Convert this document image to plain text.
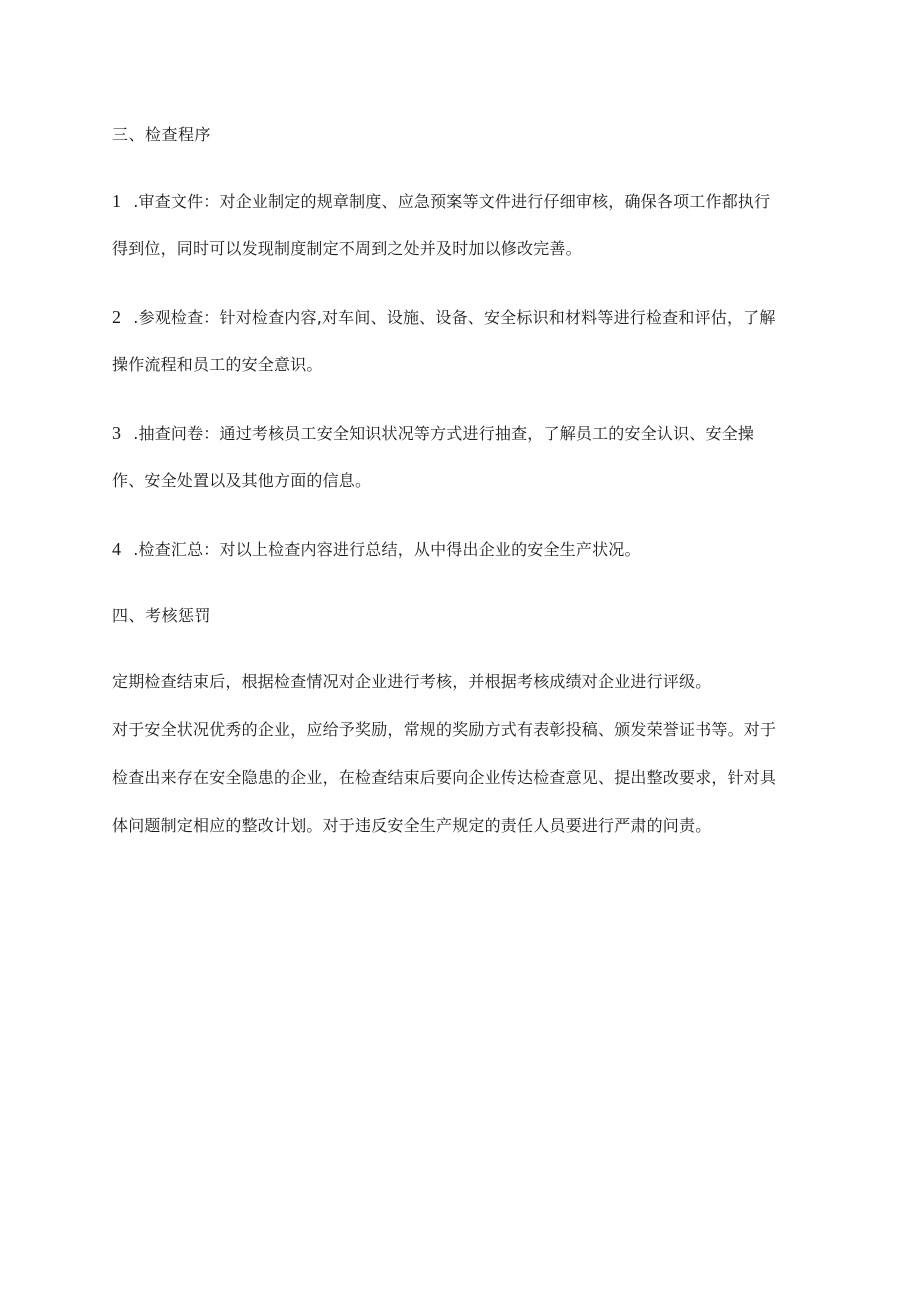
三、检查程序
1 .审查文件：对企业制定的规章制度、应急预案等文件进行仔细审核，确保各项工作都执行
得到位，同时可以发现制度制定不周到之处并及时加以修改完善。
2 .参观检查：针对检查内容,对车间、设施、设备、安全标识和材料等进行检查和评估，了解
操作流程和员工的安全意识。
3 .抽查问卷：通过考核员工安全知识状况等方式进行抽查，了解员工的安全认识、安全操
作、安全处置以及其他方面的信息。
4 .检查汇总：对以上检查内容进行总结，从中得出企业的安全生产状况。
四、考核惩罚
定期检查结束后，根据检查情况对企业进行考核，并根据考核成绩对企业进行评级。
对于安全状况优秀的企业，应给予奖励，常规的奖励方式有表彰投稿、颁发荣誉证书等。对于
检查出来存在安全隐患的企业，在检查结束后要向企业传达检查意见、提出整改要求，针对具
体问题制定相应的整改计划。对于违反安全生产规定的责任人员要进行严肃的问责。
